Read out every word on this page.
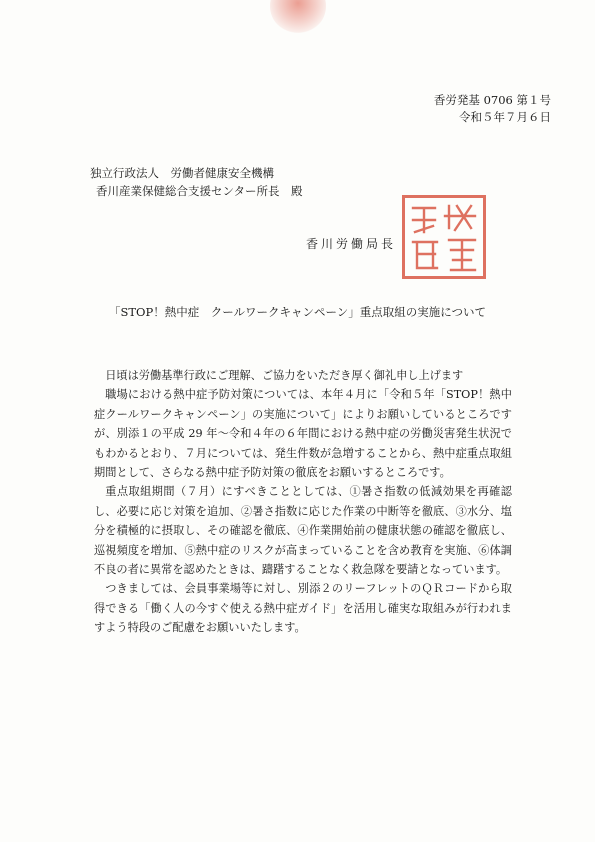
香労発基 0706 第１号
令和５年７月６日
独立行政法人　労働者健康安全機構
香川産業保健総合支援センター所長　殿
香川労働局長
「STOP！熱中症　クールワークキャンペーン」重点取組の実施について

日頃は労働基準行政にご理解、ご協力をいただき厚く御礼申し上げます

職場における熱中症予防対策については、本年４月に「令和５年「STOP！熱中症クールワークキャンペーン」の実施について」によりお願いしているところですが、別添１の平成 29 年～令和４年の６年間における熱中症の労働災害発生状況でもわかるとおり、７月については、発生件数が急増することから、熱中症重点取組期間として、さらなる熱中症予防対策の徹底をお願いするところです。

重点取組期間（７月）にすべきこととしては、①暑さ指数の低減効果を再確認し、必要に応じ対策を追加、②暑さ指数に応じた作業の中断等を徹底、③水分、塩分を積極的に摂取し、その確認を徹底、④作業開始前の健康状態の確認を徹底し、巡視頻度を増加、⑤熱中症のリスクが高まっていることを含め教育を実施、⑥体調不良の者に異常を認めたときは、躊躇することなく救急隊を要請となっています。

つきましては、会員事業場等に対し、別添２のリーフレットのＱＲコードから取得できる「働く人の今すぐ使える熱中症ガイド」を活用し確実な取組みが行われますよう特段のご配慮をお願いいたします。
